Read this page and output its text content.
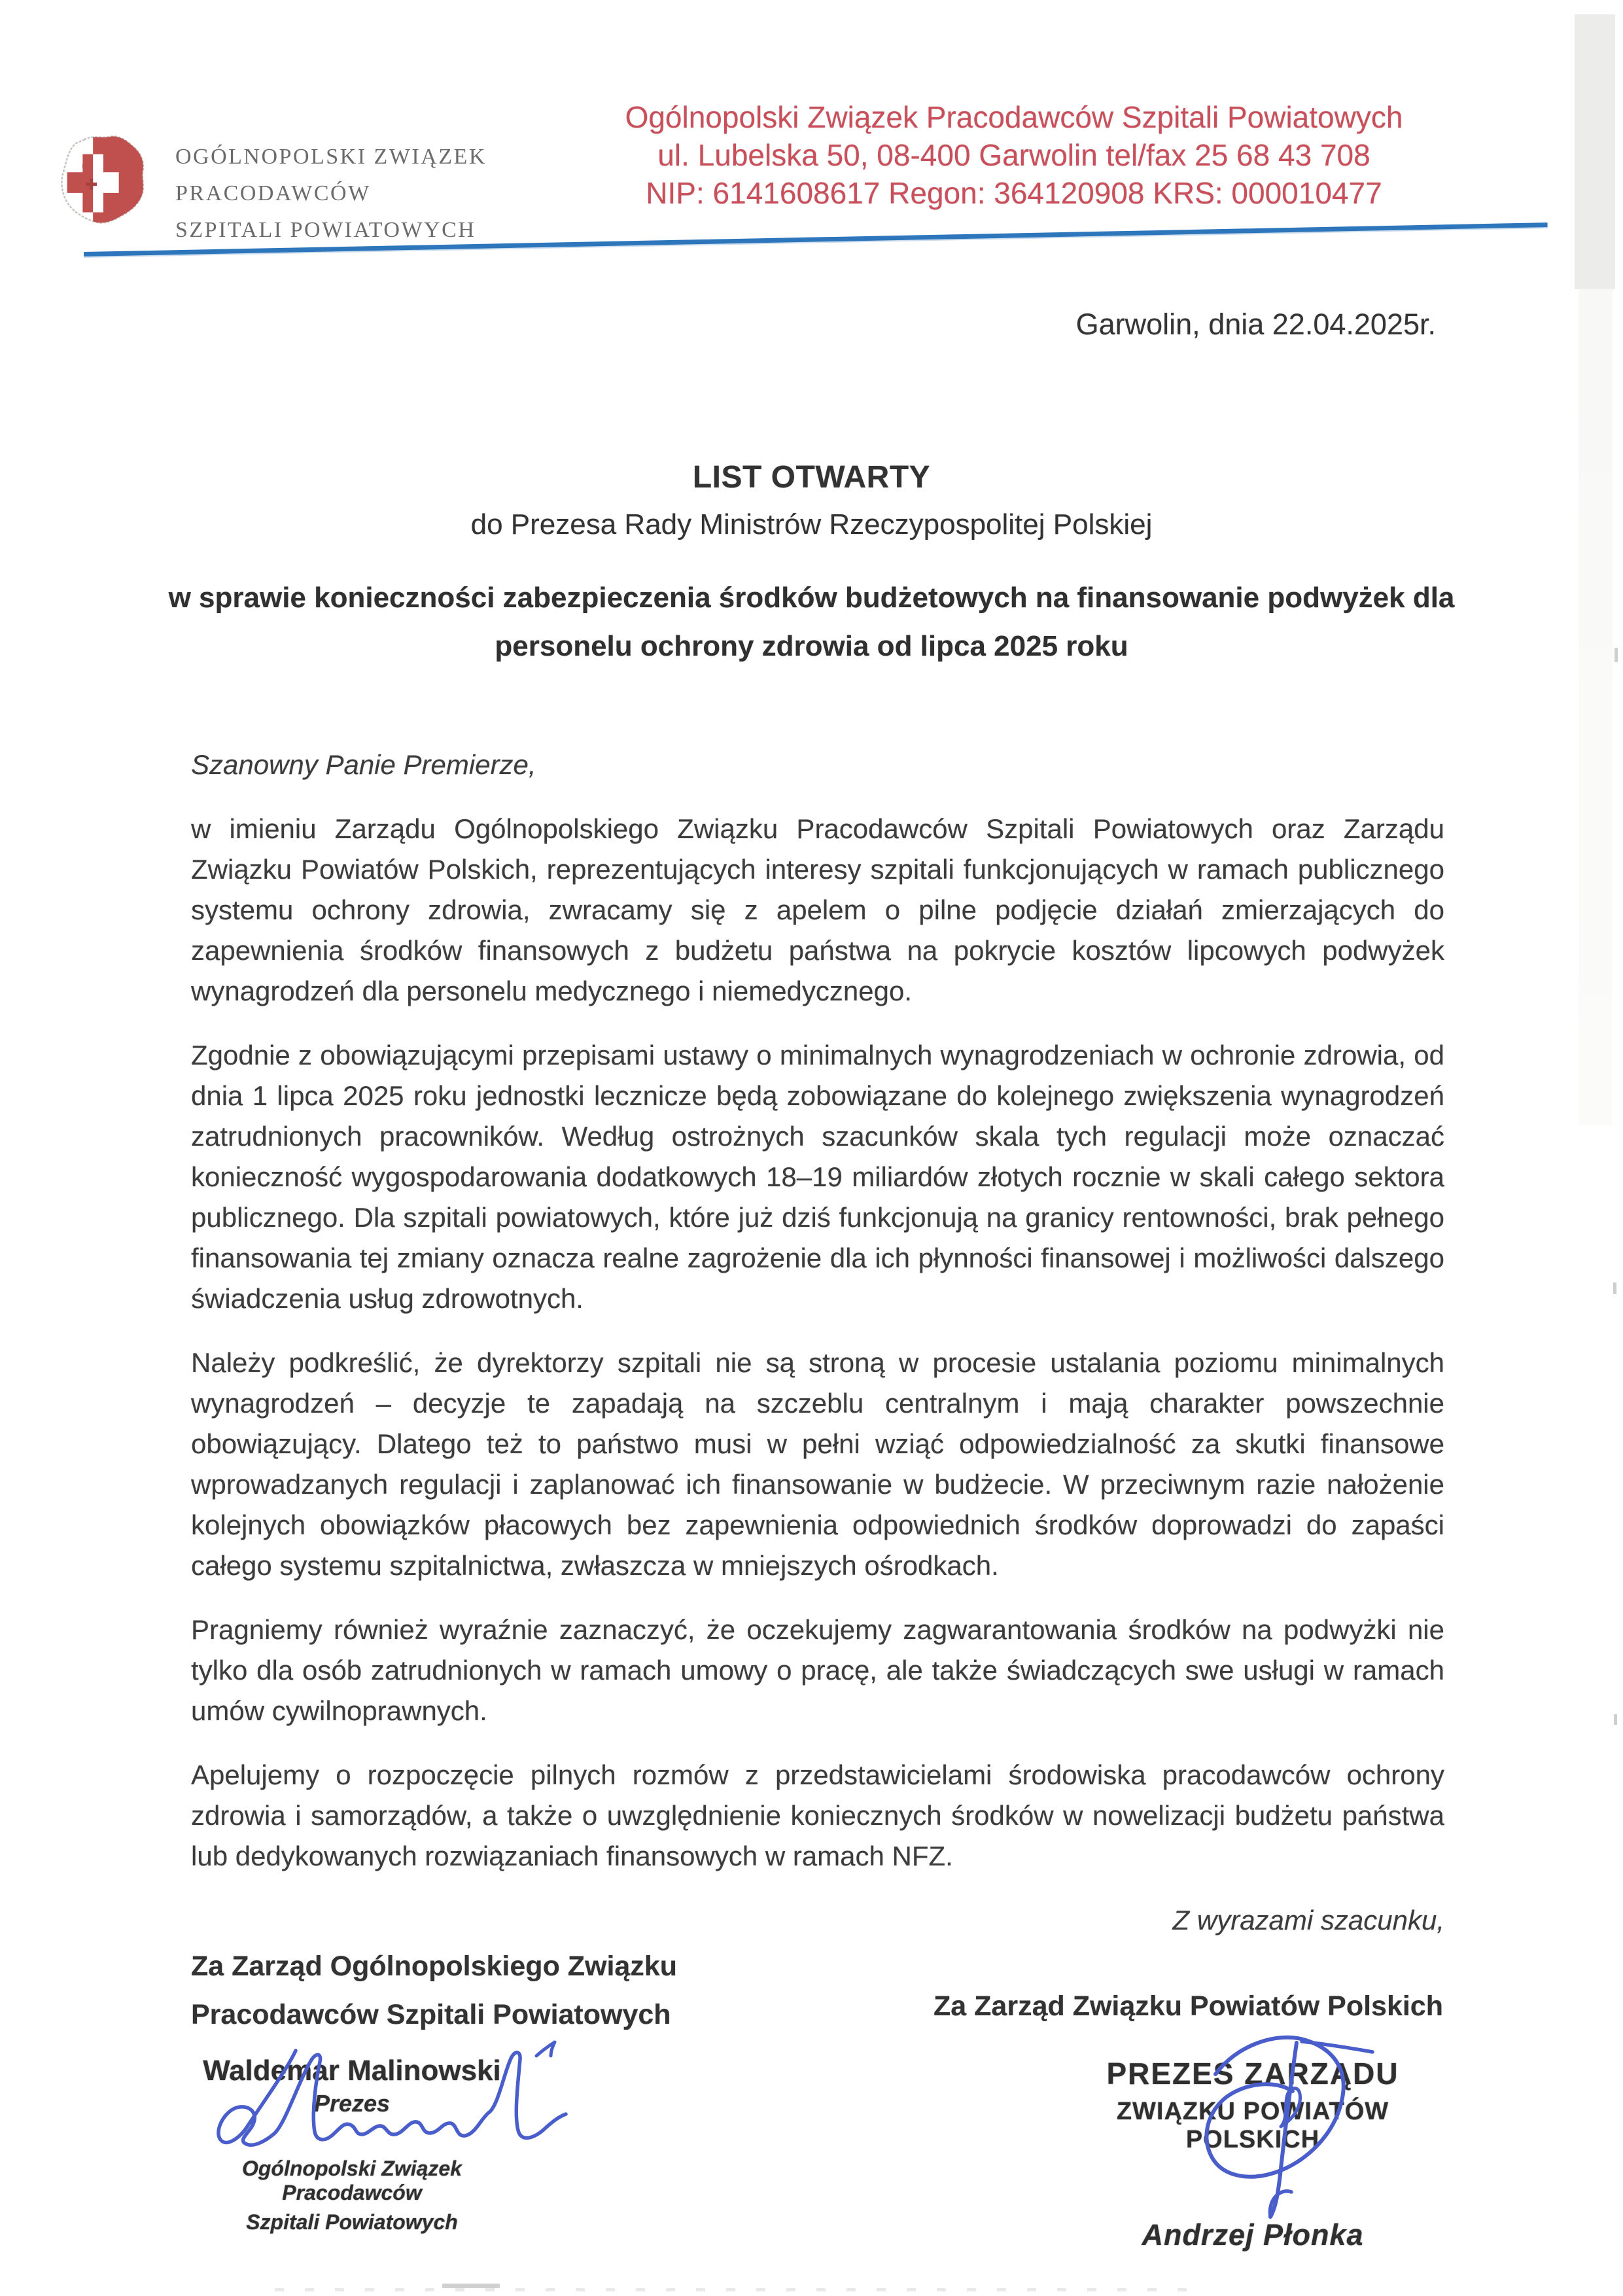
OGÓLNOPOLSKI ZWIĄZEK
PRACODAWCÓW
SZPITALI POWIATOWYCH
Ogólnopolski Związek Pracodawców Szpitali Powiatowych
ul. Lubelska 50, 08-400 Garwolin tel/fax 25 68 43 708
NIP: 6141608617 Regon: 364120908 KRS: 000010477
Garwolin, dnia 22.04.2025r.
LIST OTWARTY
do Prezesa Rady Ministrów Rzeczypospolitej Polskiej
w sprawie konieczności zabezpieczenia środków budżetowych na finansowanie podwyżek dla
personelu ochrony zdrowia od lipca 2025 roku

Szanowny Panie Premierze,

w imieniu Zarządu Ogólnopolskiego Związku Pracodawców Szpitali Powiatowych oraz Zarządu Związku Powiatów Polskich, reprezentujących interesy szpitali funkcjonujących w ramach publicznego systemu ochrony zdrowia, zwracamy się z apelem o pilne podjęcie działań zmierzających do zapewnienia środków finansowych z budżetu państwa na pokrycie kosztów lipcowych podwyżek wynagrodzeń dla personelu medycznego i niemedycznego.

Zgodnie z obowiązującymi przepisami ustawy o minimalnych wynagrodzeniach w ochronie zdrowia, od dnia 1 lipca 2025 roku jednostki lecznicze będą zobowiązane do kolejnego zwiększenia wynagrodzeń zatrudnionych pracowników. Według ostrożnych szacunków skala tych regulacji może oznaczać konieczność wygospodarowania dodatkowych 18–19 miliardów złotych rocznie w skali całego sektora publicznego. Dla szpitali powiatowych, które już dziś funkcjonują na granicy rentowności, brak pełnego finansowania tej zmiany oznacza realne zagrożenie dla ich płynności finansowej i możliwości dalszego świadczenia usług zdrowotnych.

Należy podkreślić, że dyrektorzy szpitali nie są stroną w procesie ustalania poziomu minimalnych wynagrodzeń – decyzje te zapadają na szczeblu centralnym i mają charakter powszechnie obowiązujący. Dlatego też to państwo musi w pełni wziąć odpowiedzialność za skutki finansowe wprowadzanych regulacji i zaplanować ich finansowanie w budżecie. W przeciwnym razie nałożenie kolejnych obowiązków płacowych bez zapewnienia odpowiednich środków doprowadzi do zapaści całego systemu szpitalnictwa, zwłaszcza w mniejszych ośrodkach.

Pragniemy również wyraźnie zaznaczyć, że oczekujemy zagwarantowania środków na podwyżki nie tylko dla osób zatrudnionych w ramach umowy o pracę, ale także świadczących swe usługi w ramach umów cywilnoprawnych.

Apelujemy o rozpoczęcie pilnych rozmów z przedstawicielami środowiska pracodawców ochrony zdrowia i samorządów, a także o uwzględnienie koniecznych środków w nowelizacji budżetu państwa lub dedykowanych rozwiązaniach finansowych w ramach NFZ.

Z wyrazami szacunku,

Za Zarząd Ogólnopolskiego Związku
Pracodawców Szpitali Powiatowych	Za Zarząd Związku Powiatów Polskich
Waldemar Malinowski
Prezes
Ogólnopolski Związek Pracodawców
Szpitali Powiatowych
PREZES ZARZĄDU
ZWIĄZKU POWIATÓW POLSKICH
Andrzej Płonka
